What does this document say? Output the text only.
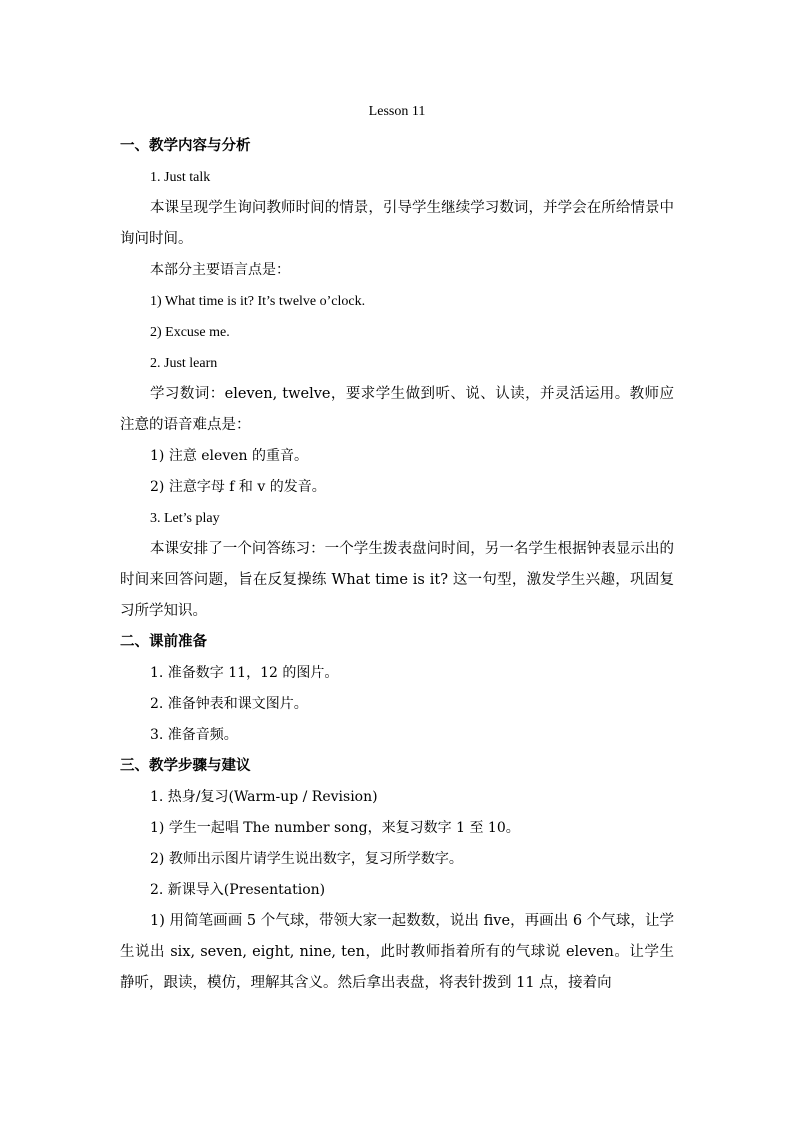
Lesson 11
一、教学内容与分析
1. Just talk

本课呈现学生询问教师时间的情景，引导学生继续学习数词，并学会在所给情景中询问时间。

本部分主要语言点是：
1) What time is it? It’s twelve o’clock.
2) Excuse me.
2. Just learn

学习数词：eleven, twelve，要求学生做到听、说、认读，并灵活运用。教师应注意的语音难点是：

1) 注意 eleven 的重音。
2) 注意字母 f 和 v 的发音。
3. Let’s play

本课安排了一个问答练习：一个学生拨表盘问时间，另一名学生根据钟表显示出的时间来回答问题，旨在反复操练 What time is it? 这一句型，激发学生兴趣，巩固复习所学知识。

二、课前准备
1. 准备数字 11，12 的图片。
2. 准备钟表和课文图片。
3. 准备音频。
三、教学步骤与建议
1. 热身/复习(Warm-up / Revision)
1) 学生一起唱 The number song，来复习数字 1 至 10。
2) 教师出示图片请学生说出数字，复习所学数字。
2. 新课导入(Presentation)

1) 用简笔画画 5 个气球，带领大家一起数数，说出 five，再画出 6 个气球，让学生说出 six, seven, eight, nine, ten，此时教师指着所有的气球说 eleven。让学生静听，跟读，模仿，理解其含义。然后拿出表盘，将表针拨到 11 点，接着向
